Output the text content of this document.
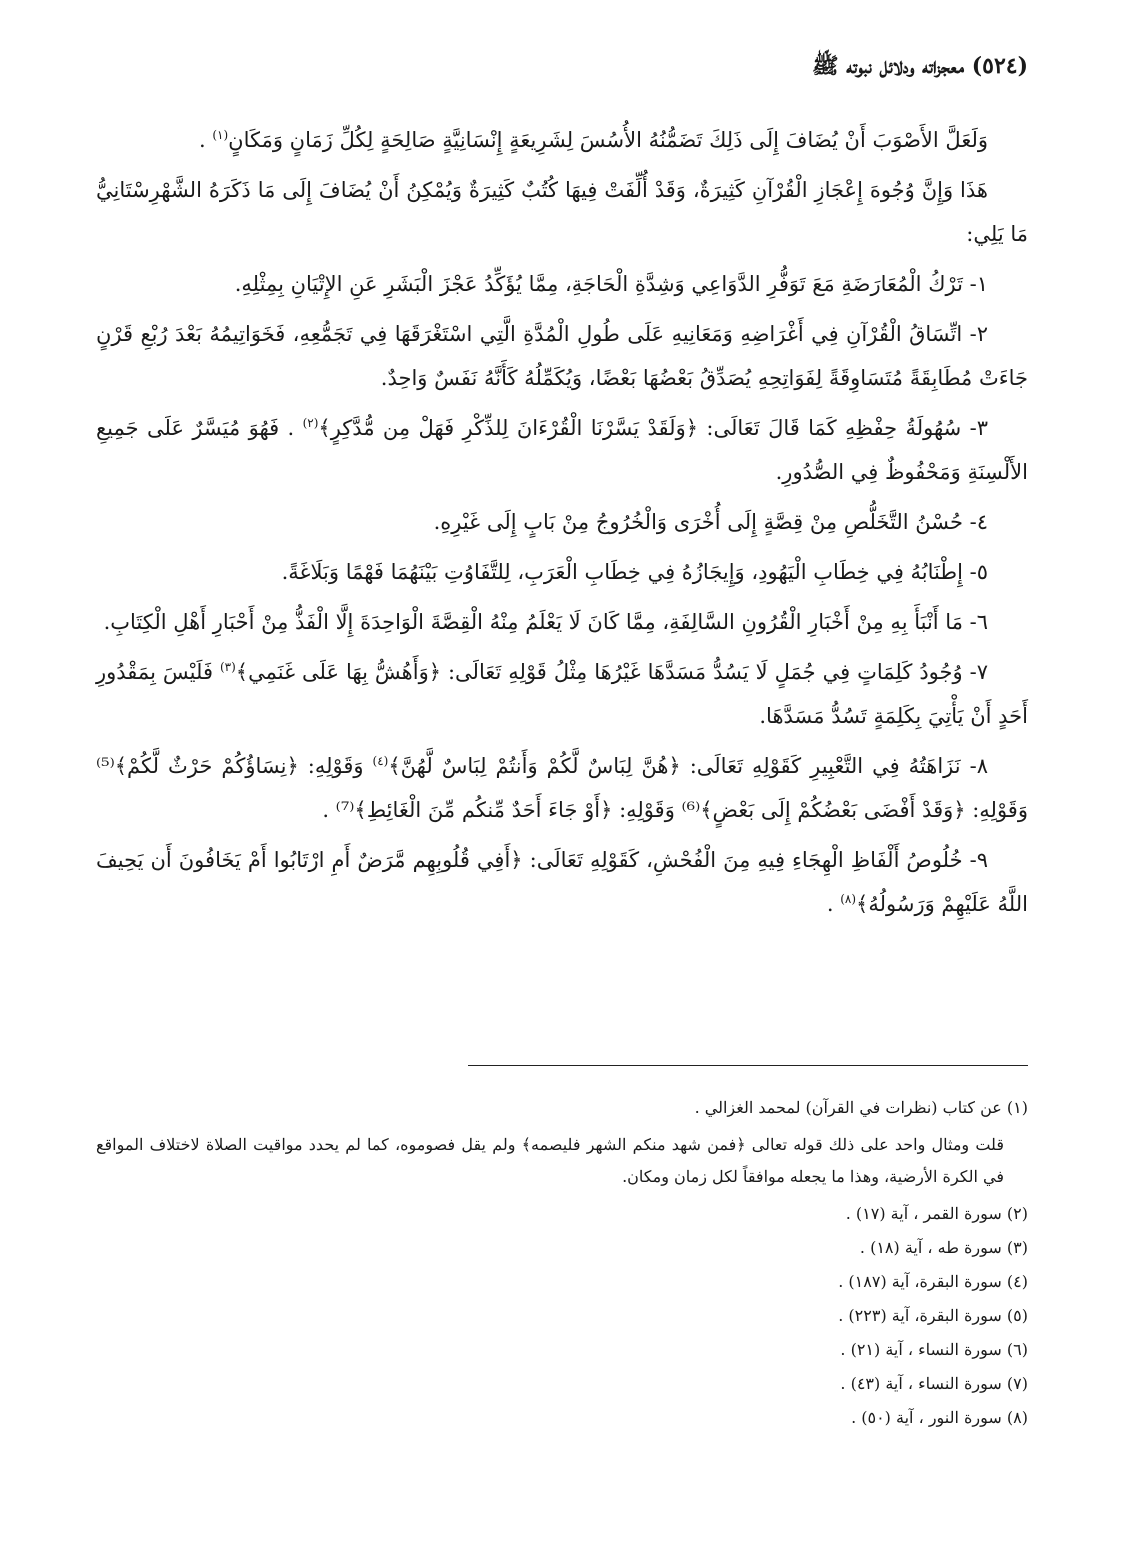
(٥٢٤) معجزاته ودلائل نبوته ﷺ

وَلَعَلَّ الأَصْوَبَ أَنْ يُضَافَ إِلَى ذَلِكَ تَضَمُّنُهُ الأُسُسَ لِشَرِيعَةٍ إِنْسَانِيَّةٍ صَالِحَةٍ لِكُلِّ زَمَانٍ وَمَكَانٍ$^{(١)}$ .

هَذَا وَإِنَّ وُجُوهَ إِعْجَازِ الْقُرْآنِ كَثِيرَةٌ، وَقَدْ أُلِّفَتْ فِيهَا كُتُبٌ كَثِيرَةٌ وَيُمْكِنُ أَنْ يُضَافَ إِلَى مَا ذَكَرَهُ الشَّهْرِسْتَانِيُّ مَا يَلِي:

١- تَرْكُ الْمُعَارَضَةِ مَعَ تَوَفُّرِ الدَّوَاعِي وَشِدَّةِ الْحَاجَةِ، مِمَّا يُؤَكِّدُ عَجْزَ الْبَشَرِ عَنِ الإِتْيَانِ بِمِثْلِهِ.

٢- اتِّسَاقُ الْقُرْآنِ فِي أَغْرَاضِهِ وَمَعَانِيهِ عَلَى طُولِ الْمُدَّةِ الَّتِي اسْتَغْرَقَهَا فِي تَجَمُّعِهِ، فَخَوَاتِيمُهُ بَعْدَ رُبْعِ قَرْنٍ جَاءَتْ مُطَابِقَةً مُتَسَاوِقَةً لِفَوَاتِحِهِ يُصَدِّقُ بَعْضُهَا بَعْضًا، وَيُكَمِّلُهُ كَأَنَّهُ نَفَسٌ وَاحِدٌ.

٣- سُهُولَةُ حِفْظِهِ كَمَا قَالَ تَعَالَى: ﴿وَلَقَدْ يَسَّرْنَا الْقُرْءَانَ لِلذِّكْرِ فَهَلْ مِن مُّدَّكِرٍ﴾$^{(٢)}$ . فَهُوَ مُيَسَّرٌ عَلَى جَمِيعِ الأَلْسِنَةِ وَمَحْفُوظٌ فِي الصُّدُورِ.

٤- حُسْنُ التَّخَلُّصِ مِنْ قِصَّةٍ إِلَى أُخْرَى وَالْخُرُوجُ مِنْ بَابٍ إِلَى غَيْرِهِ.

٥- إِطْنَابُهُ فِي خِطَابِ الْيَهُودِ، وَإِيجَازُهُ فِي خِطَابِ الْعَرَبِ، لِلتَّفَاوُتِ بَيْنَهُمَا فَهْمًا وَبَلَاغَةً.

٦- مَا أَنْبَأَ بِهِ مِنْ أَخْبَارِ الْقُرُونِ السَّالِفَةِ، مِمَّا كَانَ لَا يَعْلَمُ مِنْهُ الْقِصَّةَ الْوَاحِدَةَ إِلَّا الْفَذُّ مِنْ أَحْبَارِ أَهْلِ الْكِتَابِ.

٧- وُجُودُ كَلِمَاتٍ فِي جُمَلٍ لَا يَسُدُّ مَسَدَّهَا غَيْرُهَا مِثْلُ قَوْلِهِ تَعَالَى: ﴿وَأَهُشُّ بِهَا عَلَى غَنَمِي﴾$^{(٣)}$ فَلَيْسَ بِمَقْدُورِ أَحَدٍ أَنْ يَأْتِيَ بِكَلِمَةٍ تَسُدُّ مَسَدَّهَا.

٨- نَزَاهَتُهُ فِي التَّعْبِيرِ كَقَوْلِهِ تَعَالَى: ﴿هُنَّ لِبَاسٌ لَّكُمْ وَأَنتُمْ لِبَاسٌ لَّهُنَّ﴾$^{(٤)}$ وَقَوْلِهِ: ﴿نِسَاؤُكُمْ حَرْثٌ لَّكُمْ﴾⁽⁵⁾ وَقَوْلِهِ: ﴿وَقَدْ أَفْضَى بَعْضُكُمْ إِلَى بَعْضٍ﴾⁽⁶⁾ وَقَوْلِهِ: ﴿أَوْ جَاءَ أَحَدٌ مِّنكُم مِّنَ الْغَائِطِ﴾⁽⁷⁾ .

٩- خُلُوصُ أَلْفَاظِ الْهِجَاءِ فِيهِ مِنَ الْفُحْشِ، كَقَوْلِهِ تَعَالَى: ﴿أَفِي قُلُوبِهِم مَّرَضٌ أَمِ ارْتَابُوا أَمْ يَخَافُونَ أَن يَحِيفَ اللَّهُ عَلَيْهِمْ وَرَسُولُهُ﴾$^{(٨)}$ .

(١) عن كتاب (نظرات في القرآن) لمحمد الغزالي .
قلت ومثال واحد على ذلك قوله تعالى ﴿فمن شهد منكم الشهر فليصمه﴾ ولم يقل فصوموه، كما لم يحدد مواقيت الصلاة لاختلاف المواقع في الكرة الأرضية، وهذا ما يجعله موافقاً لكل زمان ومكان.
(٢) سورة القمر ، آية (١٧) .
(٣) سورة طه ، آية (١٨) .
(٤) سورة البقرة، آية (١٨٧) .
(٥) سورة البقرة، آية (٢٢٣) .
(٦) سورة النساء ، آية (٢١) .
(٧) سورة النساء ، آية (٤٣) .
(٨) سورة النور ، آية (٥٠) .
